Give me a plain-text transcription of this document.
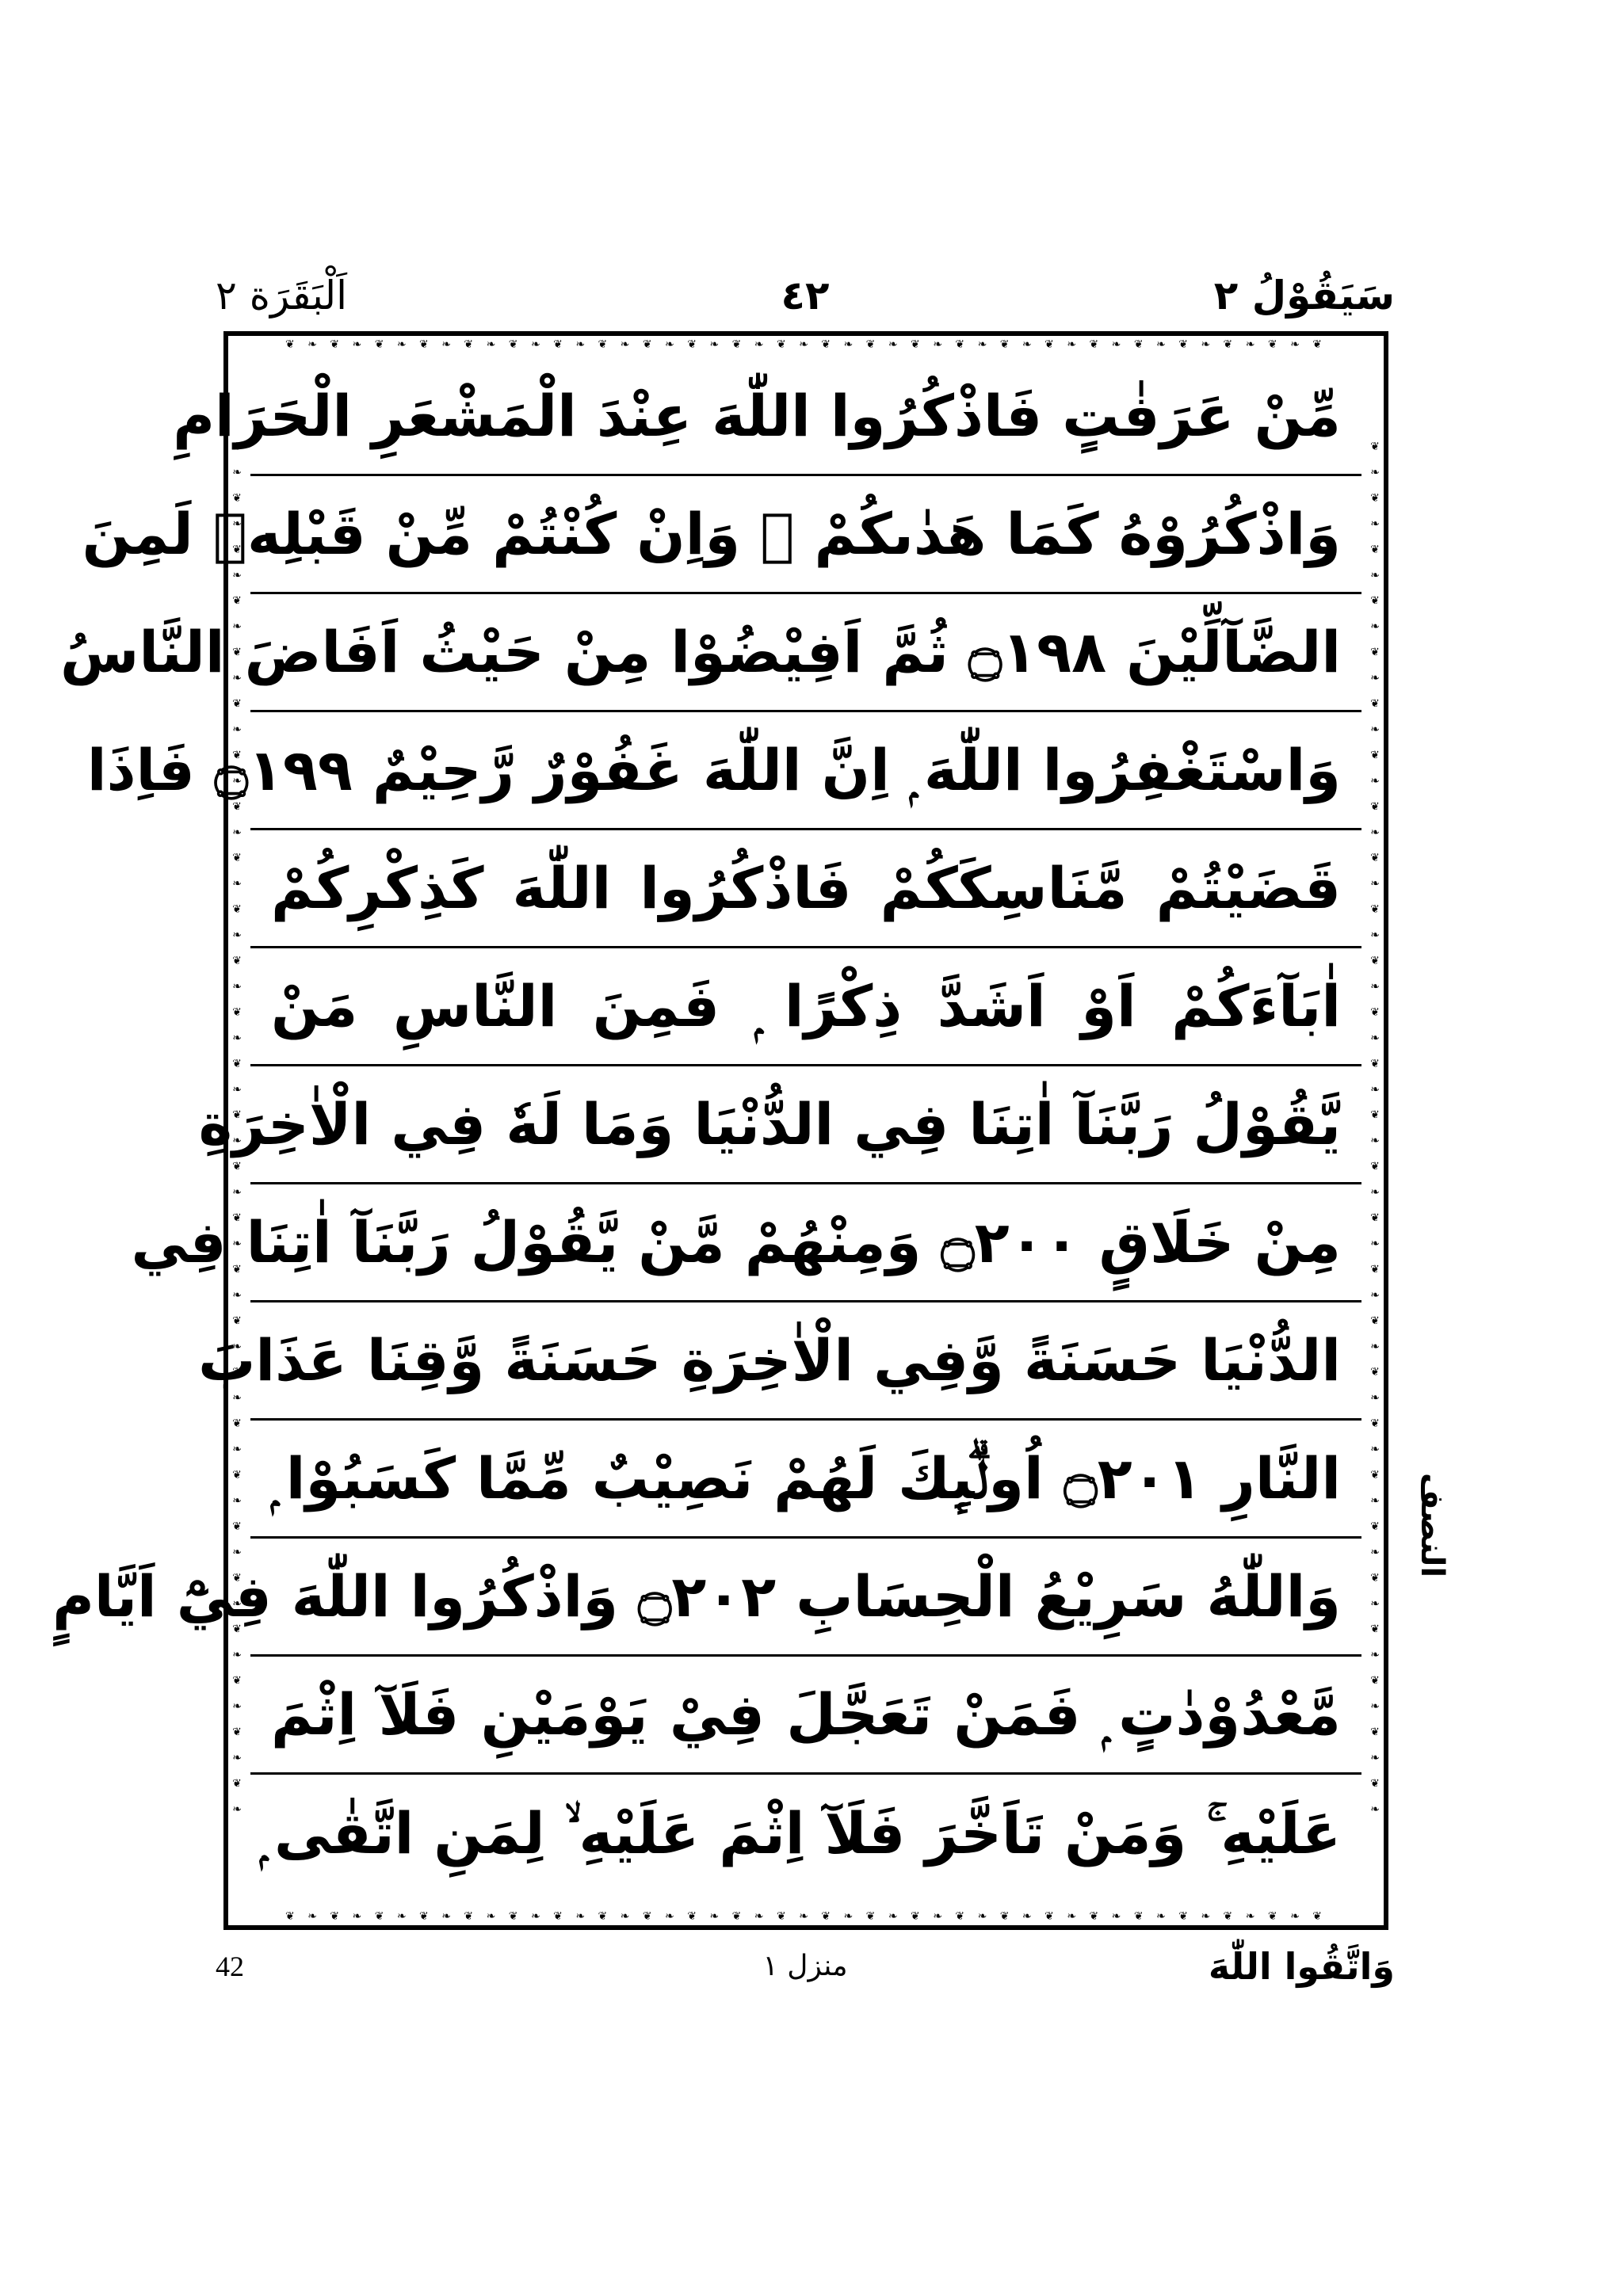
اَلْبَقَرَة ٢	٤٢	سَيَقُوْلُ ٢
❦ ❧ ❦ ❧ ❦ ❧ ❦ ❧ ❦ ❧ ❦ ❧ ❦ ❧ ❦ ❧ ❦ ❧ ❦ ❧ ❦ ❧ ❦ ❧ ❦ ❧ ❦ ❧ ❦ ❧ ❦ ❧ ❦ ❧ ❦ ❧ ❦ ❧ ❦ ❧ ❦ ❧ ❦ ❧ ❦ ❧ ❦
❦ ❧ ❦ ❧ ❦ ❧ ❦ ❧ ❦ ❧ ❦ ❧ ❦ ❧ ❦ ❧ ❦ ❧ ❦ ❧ ❦ ❧ ❦ ❧ ❦ ❧ ❦ ❧ ❦ ❧ ❦ ❧ ❦ ❧ ❦ ❧ ❦ ❧ ❦ ❧ ❦ ❧ ❦ ❧ ❦ ❧ ❦
❦ ❧ ❦ ❧ ❦ ❧ ❦ ❧ ❦ ❧ ❦ ❧ ❦ ❧ ❦ ❧ ❦ ❧ ❦ ❧ ❦ ❧ ❦ ❧ ❦ ❧ ❦ ❧ ❦ ❧ ❦ ❧ ❦ ❧ ❦ ❧ ❦ ❧ ❦ ❧ ❦ ❧ ❦ ❧ ❦ ❧ ❦ ❧ ❦ ❧ ❦ ❧ ❦ ❧	❦ ❧ ❦ ❧ ❦ ❧ ❦ ❧ ❦ ❧ ❦ ❧ ❦ ❧ ❦ ❧ ❦ ❧ ❦ ❧ ❦ ❧ ❦ ❧ ❦ ❧ ❦ ❧ ❦ ❧ ❦ ❧ ❦ ❧ ❦ ❧ ❦ ❧ ❦ ❧ ❦ ❧ ❦ ❧ ❦ ❧ ❦ ❧ ❦ ❧ ❦ ❧ ❦ ❧
مِّنْ عَرَفٰتٍ فَاذْكُرُوا اللّٰهَ عِنْدَ الْمَشْعَرِ الْحَرَامِ
وَاذْكُرُوْهُ كَمَا هَدٰىكُمْ ۚ وَاِنْ كُنْتُمْ مِّنْ قَبْلِهٖ لَمِنَ
الضَّآلِّيْنَ ۝١٩٨ ثُمَّ اَفِيْضُوْا مِنْ حَيْثُ اَفَاضَ النَّاسُ
وَاسْتَغْفِرُوا اللّٰهَ ۭ اِنَّ اللّٰهَ غَفُوْرٌ رَّحِيْمٌ ۝١٩٩ فَاِذَا
قَضَيْتُمْ مَّنَاسِكَكُمْ فَاذْكُرُوا اللّٰهَ كَذِكْرِكُمْ
اٰبَآءَكُمْ اَوْ اَشَدَّ ذِكْرًا ۭ فَمِنَ النَّاسِ مَنْ
يَّقُوْلُ رَبَّنَآ اٰتِنَا فِي الدُّنْيَا وَمَا لَهٗ فِي الْاٰخِرَةِ
مِنْ خَلَاقٍ ۝٢٠٠ وَمِنْهُمْ مَّنْ يَّقُوْلُ رَبَّنَآ اٰتِنَا فِي
الدُّنْيَا حَسَنَةً وَّفِي الْاٰخِرَةِ حَسَنَةً وَّقِنَا عَذَابَ
النَّارِ ۝٢٠١ اُولٰۗىِٕكَ لَهُمْ نَصِيْبٌ مِّمَّا كَسَبُوْا ۭ
وَاللّٰهُ سَرِيْعُ الْحِسَابِ ۝٢٠٢ وَاذْكُرُوا اللّٰهَ فِيْٓ اَيَّامٍ
مَّعْدُوْدٰتٍ ۭ فَمَنْ تَعَجَّلَ فِيْ يَوْمَيْنِ فَلَآ اِثْمَ
عَلَيْهِ ۚ وَمَنْ تَاَخَّرَ فَلَآ اِثْمَ عَلَيْهِ ۙ لِمَنِ اتَّقٰى ۭ
النصف
وَاتَّقُوا اللّٰهَ
منزل ١
42
